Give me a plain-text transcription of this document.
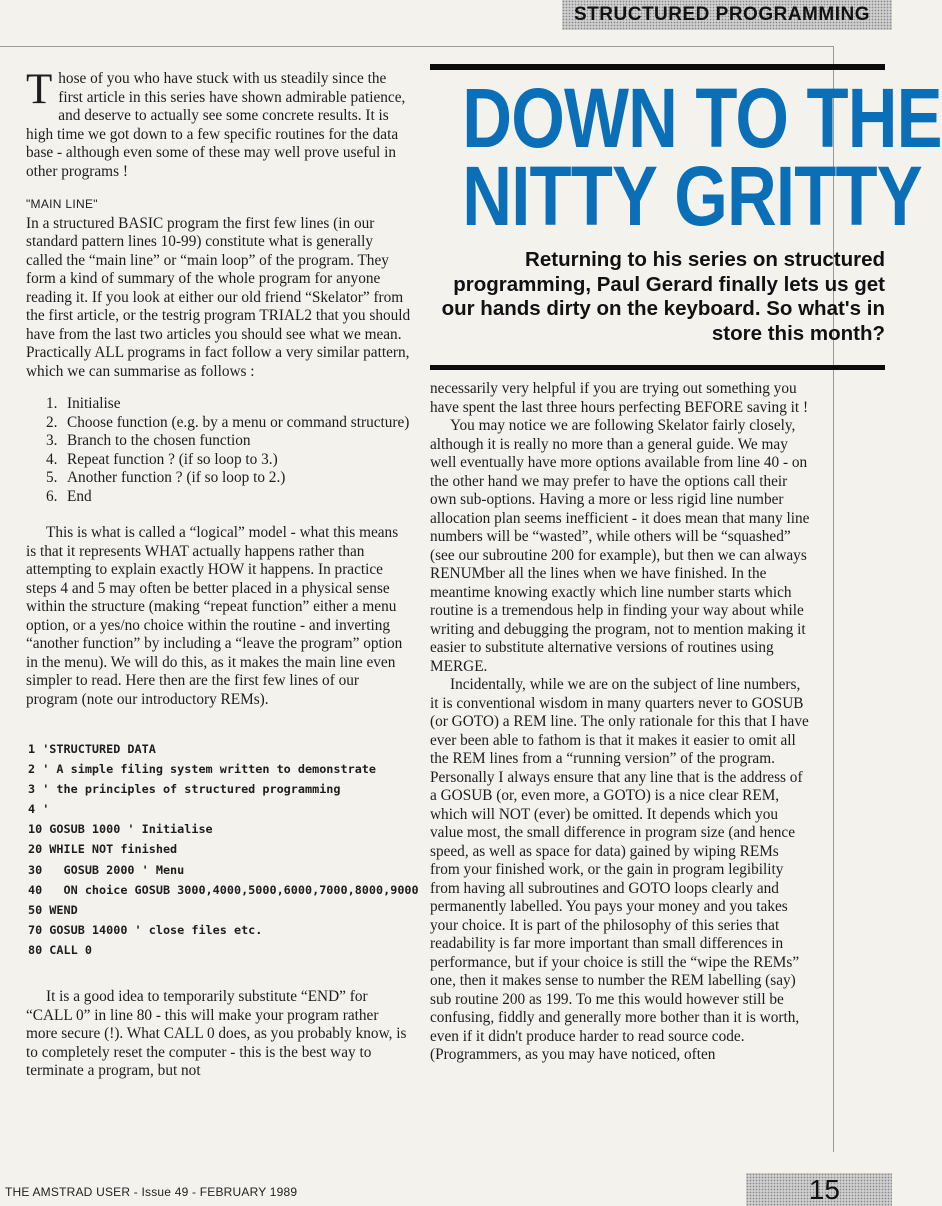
STRUCTURED PROGRAMMING

Those of you who have stuck with us steadily since the first article in this series have shown admirable patience, and deserve to actually see some concrete results. It is high time we got down to a few specific routines for the data base - although even some of these may well prove useful in other programs !

"MAIN LINE"

In a structured BASIC program the first few lines (in our standard pattern lines 10-99) constitute what is generally called the “main line” or “main loop” of the program. They form a kind of summary of the whole program for anyone reading it. If you look at either our old friend “Skelator” from the first article, or the testrig program TRIAL2 that you should have from the last two articles you should see what we mean. Practically ALL programs in fact follow a very similar pattern, which we can summarise as follows :

1. Initialise
2. Choose function (e.g. by a menu or command structure)
3. Branch to the chosen function
4. Repeat function ? (if so loop to 3.)
5. Another function ? (if so loop to 2.)
6. End

This is what is called a “logical” model - what this means is that it represents WHAT actually happens rather than attempting to explain exactly HOW it happens. In practice steps 4 and 5 may often be better placed in a physical sense within the structure (making “repeat function” either a menu option, or a yes/no choice within the routine - and inverting “another function” by including a “leave the program” option in the menu). We will do this, as it makes the main line even simpler to read. Here then are the first few lines of our program (note our introductory REMs).

1 'STRUCTURED DATA
2 ' A simple filing system written to demonstrate
3 ' the principles of structured programming
4 '
10 GOSUB 1000 ' Initialise
20 WHILE NOT finished
30   GOSUB 2000 ' Menu
40   ON choice GOSUB 3000,4000,5000,6000,7000,8000,9000
50 WEND
70 GOSUB 14000 ' close files etc.
80 CALL 0

It is a good idea to temporarily substitute “END” for “CALL 0” in line 80 - this will make your program rather more secure (!). What CALL 0 does, as you probably know, is to completely reset the computer - this is the best way to terminate a program, but not

DOWN TO THE
NITTY GRITTY
Returning to his series on structured programming, Paul Gerard finally lets us get our hands dirty on the keyboard. So what's in store this month?

necessarily very helpful if you are trying out something you have spent the last three hours perfecting BEFORE saving it !

You may notice we are following Skelator fairly closely, although it is really no more than a general guide. We may well eventually have more options available from line 40 - on the other hand we may prefer to have the options call their own sub-options. Having a more or less rigid line number allocation plan seems inefficient - it does mean that many line numbers will be “wasted”, while others will be “squashed” (see our subroutine 200 for example), but then we can always RENUMber all the lines when we have finished. In the meantime knowing exactly which line number starts which routine is a tremendous help in finding your way about while writing and debugging the program, not to mention making it easier to substitute alternative versions of routines using MERGE.

Incidentally, while we are on the subject of line numbers, it is conventional wisdom in many quarters never to GOSUB (or GOTO) a REM line. The only rationale for this that I have ever been able to fathom is that it makes it easier to omit all the REM lines from a “running version” of the program. Personally I always ensure that any line that is the address of a GOSUB (or, even more, a GOTO) is a nice clear REM, which will NOT (ever) be omitted. It depends which you value most, the small difference in program size (and hence speed, as well as space for data) gained by wiping REMs from your finished work, or the gain in program legibility from having all subroutines and GOTO loops clearly and permanently labelled. You pays your money and you takes your choice. It is part of the philosophy of this series that readability is far more important than small differences in performance, but if your choice is still the “wipe the REMs” one, then it makes sense to number the REM labelling (say) sub routine 200 as 199. To me this would however still be confusing, fiddly and generally more bother than it is worth, even if it didn't produce harder to read source code. (Programmers, as you may have noticed, often

THE AMSTRAD USER - Issue 49 - FEBRUARY 1989	15
